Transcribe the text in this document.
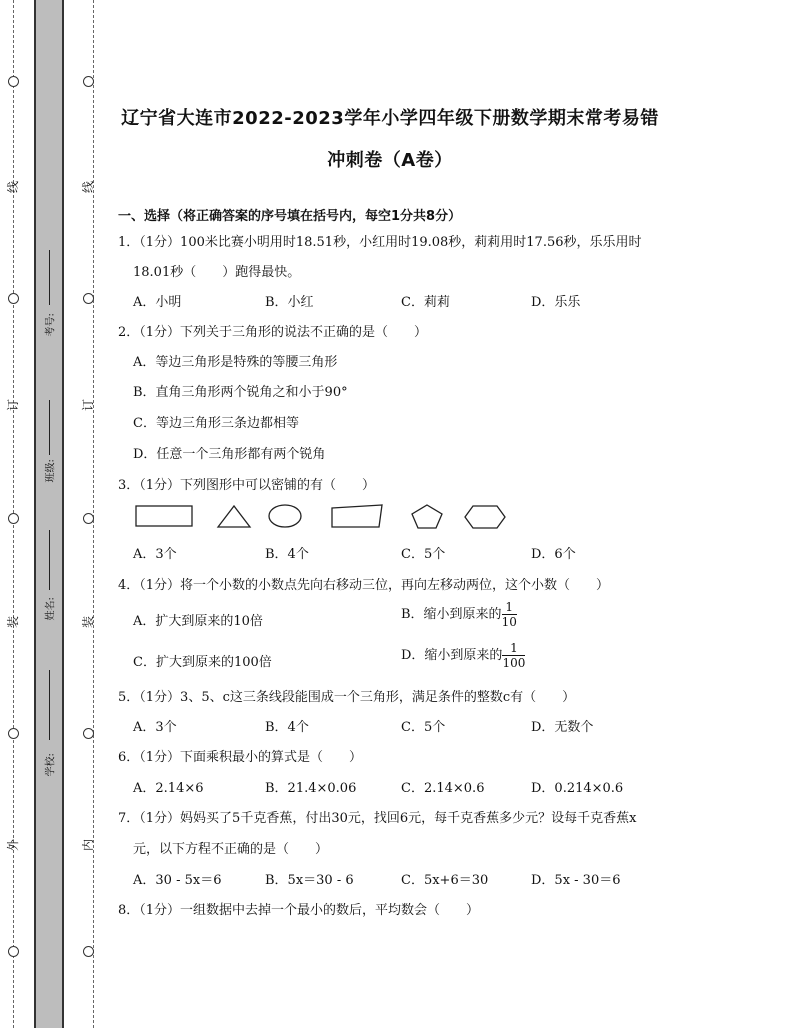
线
订
装
外
线
订
装
内
考号:
班级:
姓名:
学校:
辽宁省大连市2022-2023学年小学四年级下册数学期末常考易错
冲刺卷（A卷）
一、选择（将正确答案的序号填在括号内，每空1分共8分）
1．（1分）100米比赛小明用时18.51秒，小红用时19.08秒，莉莉用时17.56秒，乐乐用时
18.01秒（　　）跑得最快。
A．小明	B．小红	C．莉莉	D．乐乐
2．（1分）下列关于三角形的说法不正确的是（　　）
A．等边三角形是特殊的等腰三角形
B．直角三角形两个锐角之和小于90°
C．等边三角形三条边都相等
D．任意一个三角形都有两个锐角
3．（1分）下列图形中可以密铺的有（　　）
A．3个	B．4个	C．5个	D．6个
4．（1分）将一个小数的小数点先向右移动三位，再向左移动两位，这个小数（　　）
A．扩大到原来的10倍	B．缩小到原来的 $\frac{1}{10}$
C．扩大到原来的100倍	D．缩小到原来的 $\frac{1}{100}$
5．（1分）3、5、c这三条线段能围成一个三角形，满足条件的整数c有（　　）
A．3个	B．4个	C．5个	D．无数个
6．（1分）下面乘积最小的算式是（　　）
A．2.14×6	B．21.4×0.06	C．2.14×0.6	D．0.214×0.6
7．（1分）妈妈买了5千克香蕉，付出30元，找回6元，每千克香蕉多少元？设每千克香蕉x
元，以下方程不正确的是（　　）
A．30 - 5x＝6	B．5x＝30 - 6	C．5x+6＝30	D．5x - 30＝6
8．（1分）一组数据中去掉一个最小的数后，平均数会（　　）
